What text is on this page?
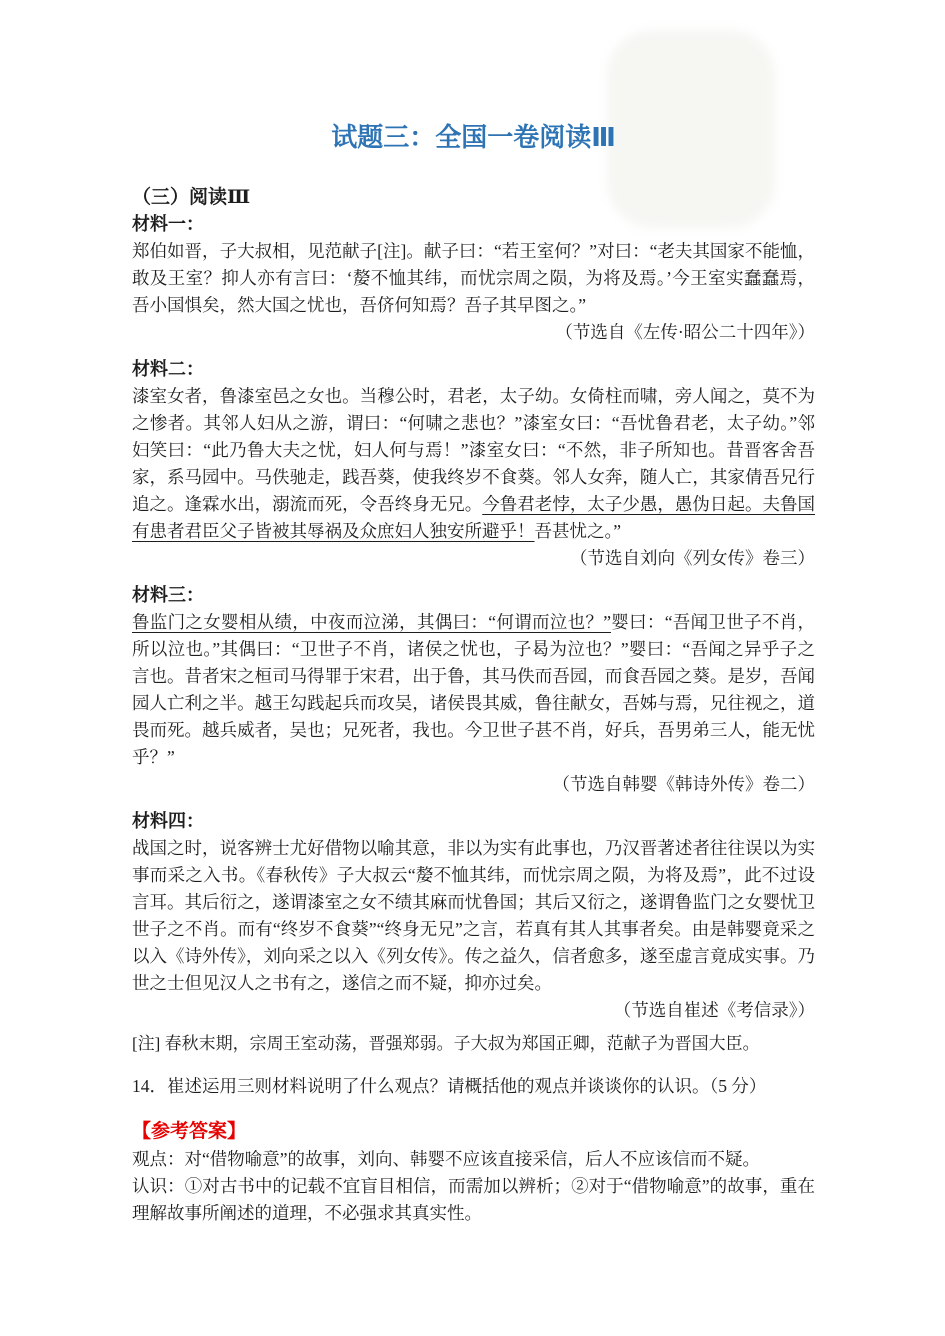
试题三：全国一卷阅读Ⅲ
（三）阅读Ⅲ
材料一：

郑伯如晋，子大叔相，见范献子[注]。献子曰：“若王室何？”对曰：“老夫其国家不能恤，敢及王室？抑人亦有言曰：‘嫠不恤其纬，而忧宗周之陨，为将及焉。’今王室实蠢蠢焉，吾小国惧矣，然大国之忧也，吾侪何知焉？吾子其早图之。”

（节选自《左传·昭公二十四年》）

材料二：

漆室女者，鲁漆室邑之女也。当穆公时，君老，太子幼。女倚柱而啸，旁人闻之，莫不为之惨者。其邻人妇从之游，谓曰：“何啸之悲也？”漆室女曰：“吾忧鲁君老，太子幼。”邻妇笑曰：“此乃鲁大夫之忧，妇人何与焉！”漆室女曰：“不然，非子所知也。昔晋客舍吾家，系马园中。马佚驰走，践吾葵，使我终岁不食葵。邻人女奔，随人亡，其家倩吾兄行追之。逢霖水出，溺流而死，令吾终身无兄。今鲁君老悖，太子少愚，愚伪日起。夫鲁国有患者君臣父子皆被其辱祸及众庶妇人独安所避乎！吾甚忧之。”

（节选自刘向《列女传》卷三）

材料三：

鲁监门之女婴相从绩，中夜而泣涕，其偶曰：“何谓而泣也？”婴曰：“吾闻卫世子不肖，所以泣也。”其偶曰：“卫世子不肖，诸侯之忧也，子曷为泣也？”婴曰：“吾闻之异乎子之言也。昔者宋之桓司马得罪于宋君，出于鲁，其马佚而吾园，而食吾园之葵。是岁，吾闻园人亡利之半。越王勾践起兵而攻吴，诸侯畏其威，鲁往献女，吾姊与焉，兄往视之，道畏而死。越兵威者，吴也；兄死者，我也。今卫世子甚不肖，好兵，吾男弟三人，能无忧乎？”

（节选自韩婴《韩诗外传》卷二）

材料四：

战国之时，说客辨士尤好借物以喻其意，非以为实有此事也，乃汉晋著述者往往误以为实事而采之入书。《春秋传》子大叔云“嫠不恤其纬，而忧宗周之陨，为将及焉”，此不过设言耳。其后衍之，遂谓漆室之女不绩其麻而忧鲁国；其后又衍之，遂谓鲁监门之女婴忧卫世子之不肖。而有“终岁不食葵”“终身无兄”之言，若真有其人其事者矣。由是韩婴竟采之以入《诗外传》，刘向采之以入《列女传》。传之益久，信者愈多，遂至虚言竟成实事。乃世之士但见汉人之书有之，遂信之而不疑，抑亦过矣。

（节选自崔述《考信录》）

[注] 春秋末期，宗周王室动荡，晋强郑弱。子大叔为郑国正卿，范献子为晋国大臣。

14．崔述运用三则材料说明了什么观点？请概括他的观点并谈谈你的认识。（5 分）

【参考答案】

观点：对“借物喻意”的故事，刘向、韩婴不应该直接采信，后人不应该信而不疑。

认识：①对古书中的记载不宜盲目相信，而需加以辨析；②对于“借物喻意”的故事，重在理解故事所阐述的道理，不必强求其真实性。
